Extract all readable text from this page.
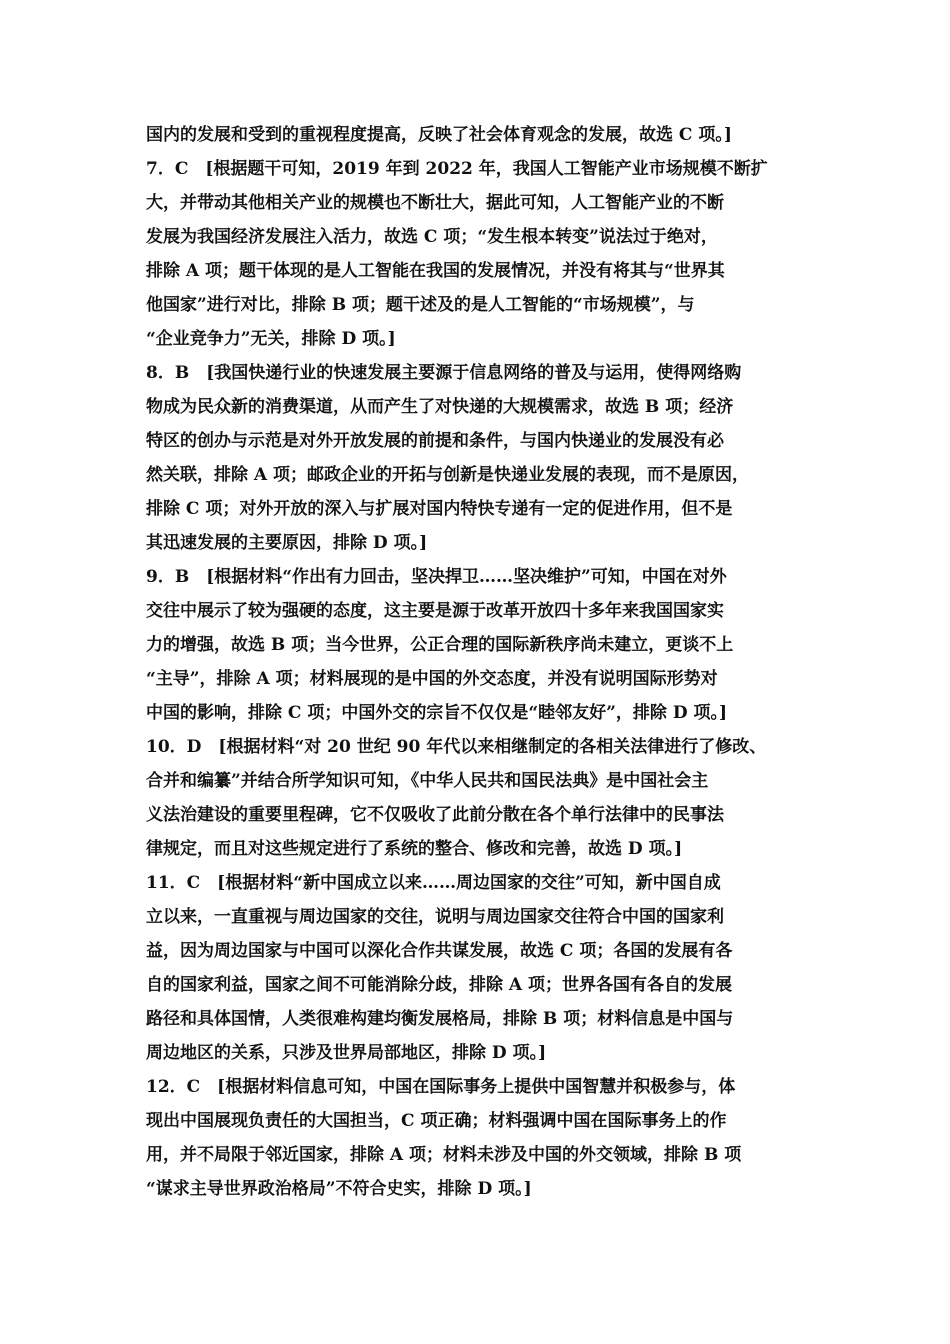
国内的发展和受到的重视程度提高，反映了社会体育观念的发展，故选 C 项。]
7．C　[根据题干可知，2019 年到 2022 年，我国人工智能产业市场规模不断扩
大，并带动其他相关产业的规模也不断壮大，据此可知，人工智能产业的不断
发展为我国经济发展注入活力，故选 C 项；“发生根本转变”说法过于绝对，
排除 A 项；题干体现的是人工智能在我国的发展情况，并没有将其与“世界其
他国家”进行对比，排除 B 项；题干述及的是人工智能的“市场规模”，与
“企业竞争力”无关，排除 D 项。]
8．B　[我国快递行业的快速发展主要源于信息网络的普及与运用，使得网络购
物成为民众新的消费渠道，从而产生了对快递的大规模需求，故选 B 项；经济
特区的创办与示范是对外开放发展的前提和条件，与国内快递业的发展没有必
然关联，排除 A 项；邮政企业的开拓与创新是快递业发展的表现，而不是原因，
排除 C 项；对外开放的深入与扩展对国内特快专递有一定的促进作用，但不是
其迅速发展的主要原因，排除 D 项。]
9．B　[根据材料“作出有力回击，坚决捍卫……坚决维护”可知，中国在对外
交往中展示了较为强硬的态度，这主要是源于改革开放四十多年来我国国家实
力的增强，故选 B 项；当今世界，公正合理的国际新秩序尚未建立，更谈不上
“主导”，排除 A 项；材料展现的是中国的外交态度，并没有说明国际形势对
中国的影响，排除 C 项；中国外交的宗旨不仅仅是“睦邻友好”，排除 D 项。]
10．D　[根据材料“对 20 世纪 90 年代以来相继制定的各相关法律进行了修改、
合并和编纂”并结合所学知识可知，《中华人民共和国民法典》是中国社会主
义法治建设的重要里程碑，它不仅吸收了此前分散在各个单行法律中的民事法
律规定，而且对这些规定进行了系统的整合、修改和完善，故选 D 项。]
11．C　[根据材料“新中国成立以来……周边国家的交往”可知，新中国自成
立以来，一直重视与周边国家的交往，说明与周边国家交往符合中国的国家利
益，因为周边国家与中国可以深化合作共谋发展，故选 C 项；各国的发展有各
自的国家利益，国家之间不可能消除分歧，排除 A 项；世界各国有各自的发展
路径和具体国情，人类很难构建均衡发展格局，排除 B 项；材料信息是中国与
周边地区的关系，只涉及世界局部地区，排除 D 项。]
12．C　[根据材料信息可知，中国在国际事务上提供中国智慧并积极参与，体
现出中国展现负责任的大国担当，C 项正确；材料强调中国在国际事务上的作
用，并不局限于邻近国家，排除 A 项；材料未涉及中国的外交领域，排除 B 项
“谋求主导世界政治格局”不符合史实，排除 D 项。]
